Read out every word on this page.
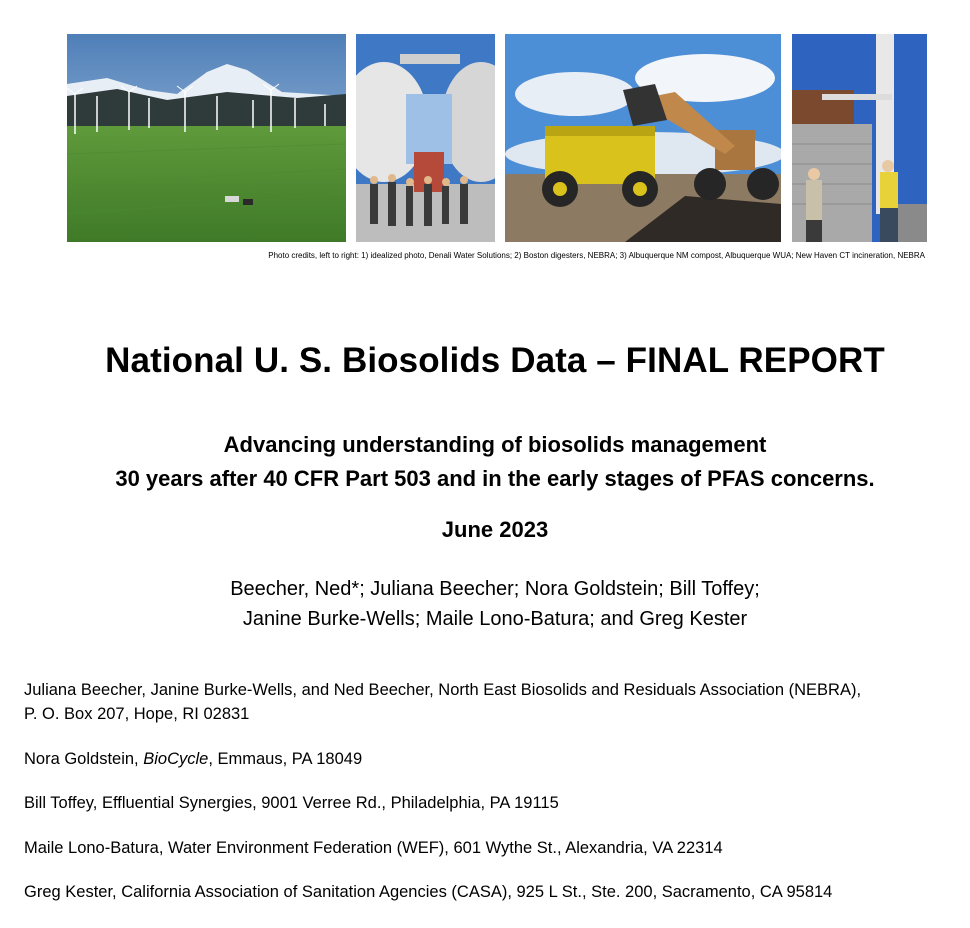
Photo credits, left to right: 1) idealized photo, Denali Water Solutions; 2) Boston digesters, NEBRA; 3) Albuquerque NM compost, Albuquerque WUA; New Haven CT incineration, NEBRA
National U. S. Biosolids Data – FINAL REPORT
Advancing understanding of biosolids management
30 years after 40 CFR Part 503 and in the early stages of PFAS concerns.
June 2023
Beecher, Ned*; Juliana Beecher; Nora Goldstein; Bill Toffey;
Janine Burke-Wells; Maile Lono-Batura; and Greg Kester
Juliana Beecher, Janine Burke-Wells, and Ned Beecher, North East Biosolids and Residuals Association (NEBRA),
P. O. Box 207, Hope, RI 02831
Nora Goldstein, BioCycle, Emmaus, PA 18049
Bill Toffey, Effluential Synergies, 9001 Verree Rd., Philadelphia, PA 19115
Maile Lono-Batura, Water Environment Federation (WEF), 601 Wythe St., Alexandria, VA 22314
Greg Kester, California Association of Sanitation Agencies (CASA), 925 L St., Ste. 200, Sacramento, CA 95814
